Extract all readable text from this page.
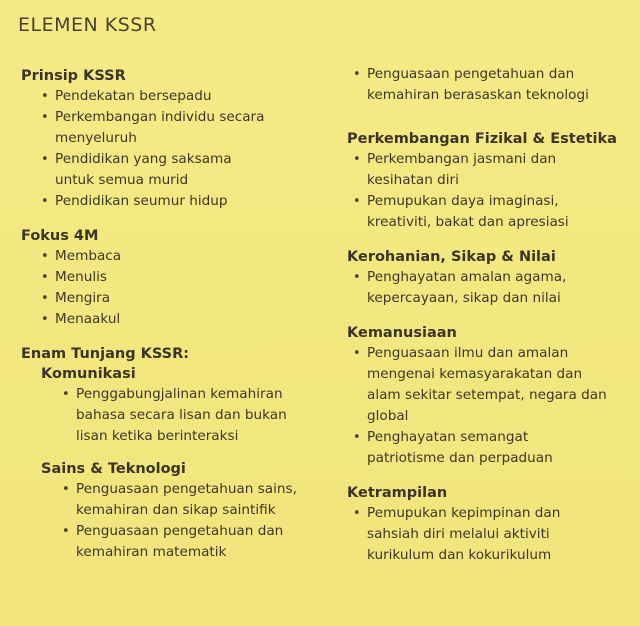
ELEMEN KSSR
Prinsip KSSR
• Pendekatan bersepadu
• Perkembangan individu secara menyeluruh
• Pendidikan yang saksama untuk semua murid
• Pendidikan seumur hidup
Fokus 4M
• Membaca
• Menulis
• Mengira
• Menaakul
Enam Tunjang KSSR:
Komunikasi
• Penggabungjalinan kemahiran bahasa secara lisan dan bukan lisan ketika berinteraksi
Sains & Teknologi
• Penguasaan pengetahuan sains, kemahiran dan sikap saintifik
• Penguasaan pengetahuan dan kemahiran matematik
• Penguasaan pengetahuan dan kemahiran berasaskan teknologi
Perkembangan Fizikal & Estetika
• Perkembangan jasmani dan kesihatan diri
• Pemupukan daya imaginasi, kreativiti, bakat dan apresiasi
Kerohanian, Sikap & Nilai
• Penghayatan amalan agama, kepercayaan, sikap dan nilai
Kemanusiaan
• Penguasaan ilmu dan amalan mengenai kemasyarakatan dan alam sekitar setempat, negara dan global
• Penghayatan semangat patriotisme dan perpaduan
Ketrampilan
• Pemupukan kepimpinan dan sahsiah diri melalui aktiviti kurikulum dan kokurikulum
